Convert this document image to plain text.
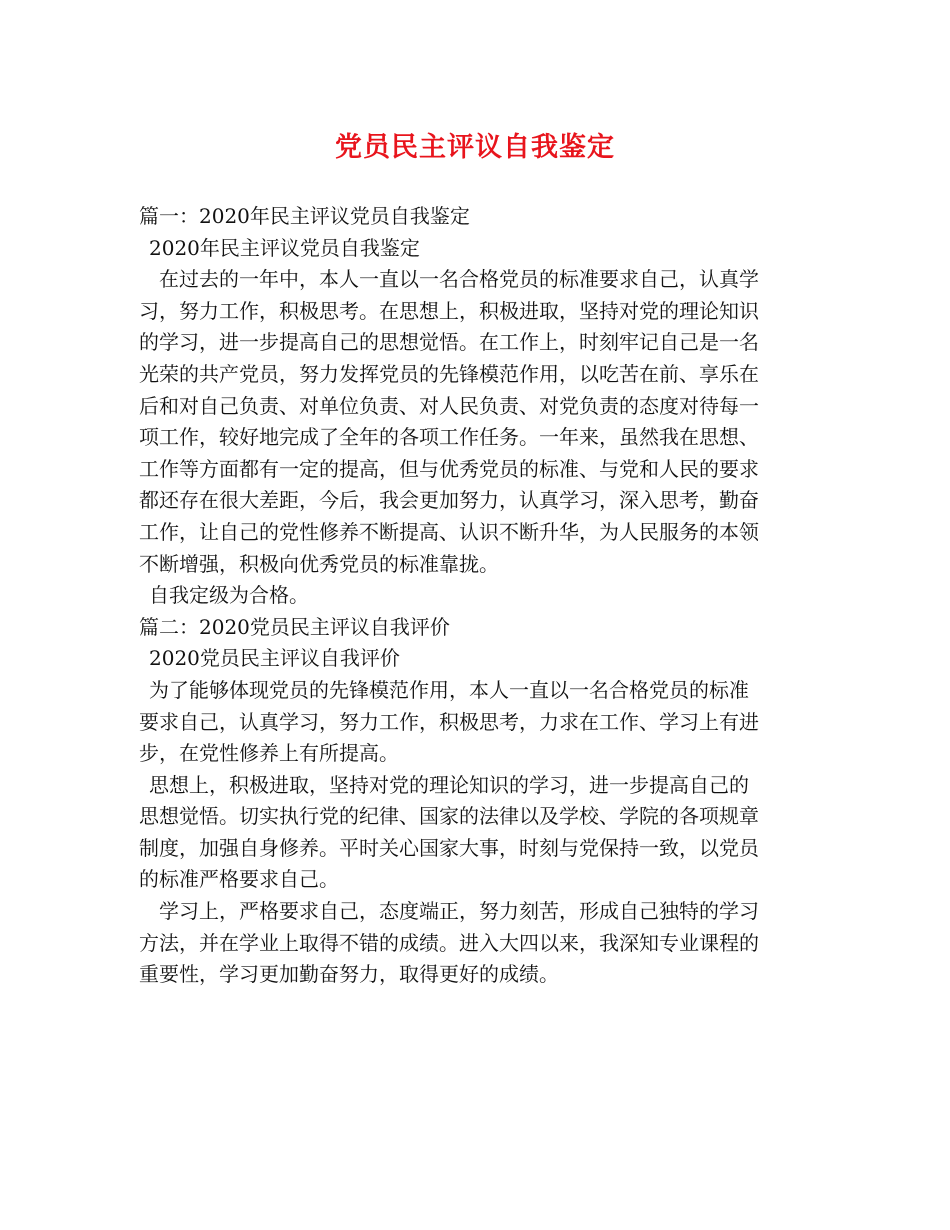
党员民主评议自我鉴定
篇一：2020年民主评议党员自我鉴定
2020年民主评议党员自我鉴定
在过去的一年中，本人一直以一名合格党员的标准要求自己，认真学
习，努力工作，积极思考。在思想上，积极进取，坚持对党的理论知识
的学习，进一步提高自己的思想觉悟。在工作上，时刻牢记自己是一名
光荣的共产党员，努力发挥党员的先锋模范作用，以吃苦在前、享乐在
后和对自己负责、对单位负责、对人民负责、对党负责的态度对待每一
项工作，较好地完成了全年的各项工作任务。一年来，虽然我在思想、
工作等方面都有一定的提高，但与优秀党员的标准、与党和人民的要求
都还存在很大差距，今后，我会更加努力，认真学习，深入思考，勤奋
工作，让自己的党性修养不断提高、认识不断升华，为人民服务的本领
不断增强，积极向优秀党员的标准靠拢。
自我定级为合格。
篇二：2020党员民主评议自我评价
2020党员民主评议自我评价
为了能够体现党员的先锋模范作用，本人一直以一名合格党员的标准
要求自己，认真学习，努力工作，积极思考，力求在工作、学习上有进
步，在党性修养上有所提高。
思想上，积极进取，坚持对党的理论知识的学习，进一步提高自己的
思想觉悟。切实执行党的纪律、国家的法律以及学校、学院的各项规章
制度，加强自身修养。平时关心国家大事，时刻与党保持一致，以党员
的标准严格要求自己。
学习上，严格要求自己，态度端正，努力刻苦，形成自己独特的学习
方法，并在学业上取得不错的成绩。进入大四以来，我深知专业课程的
重要性，学习更加勤奋努力，取得更好的成绩。
